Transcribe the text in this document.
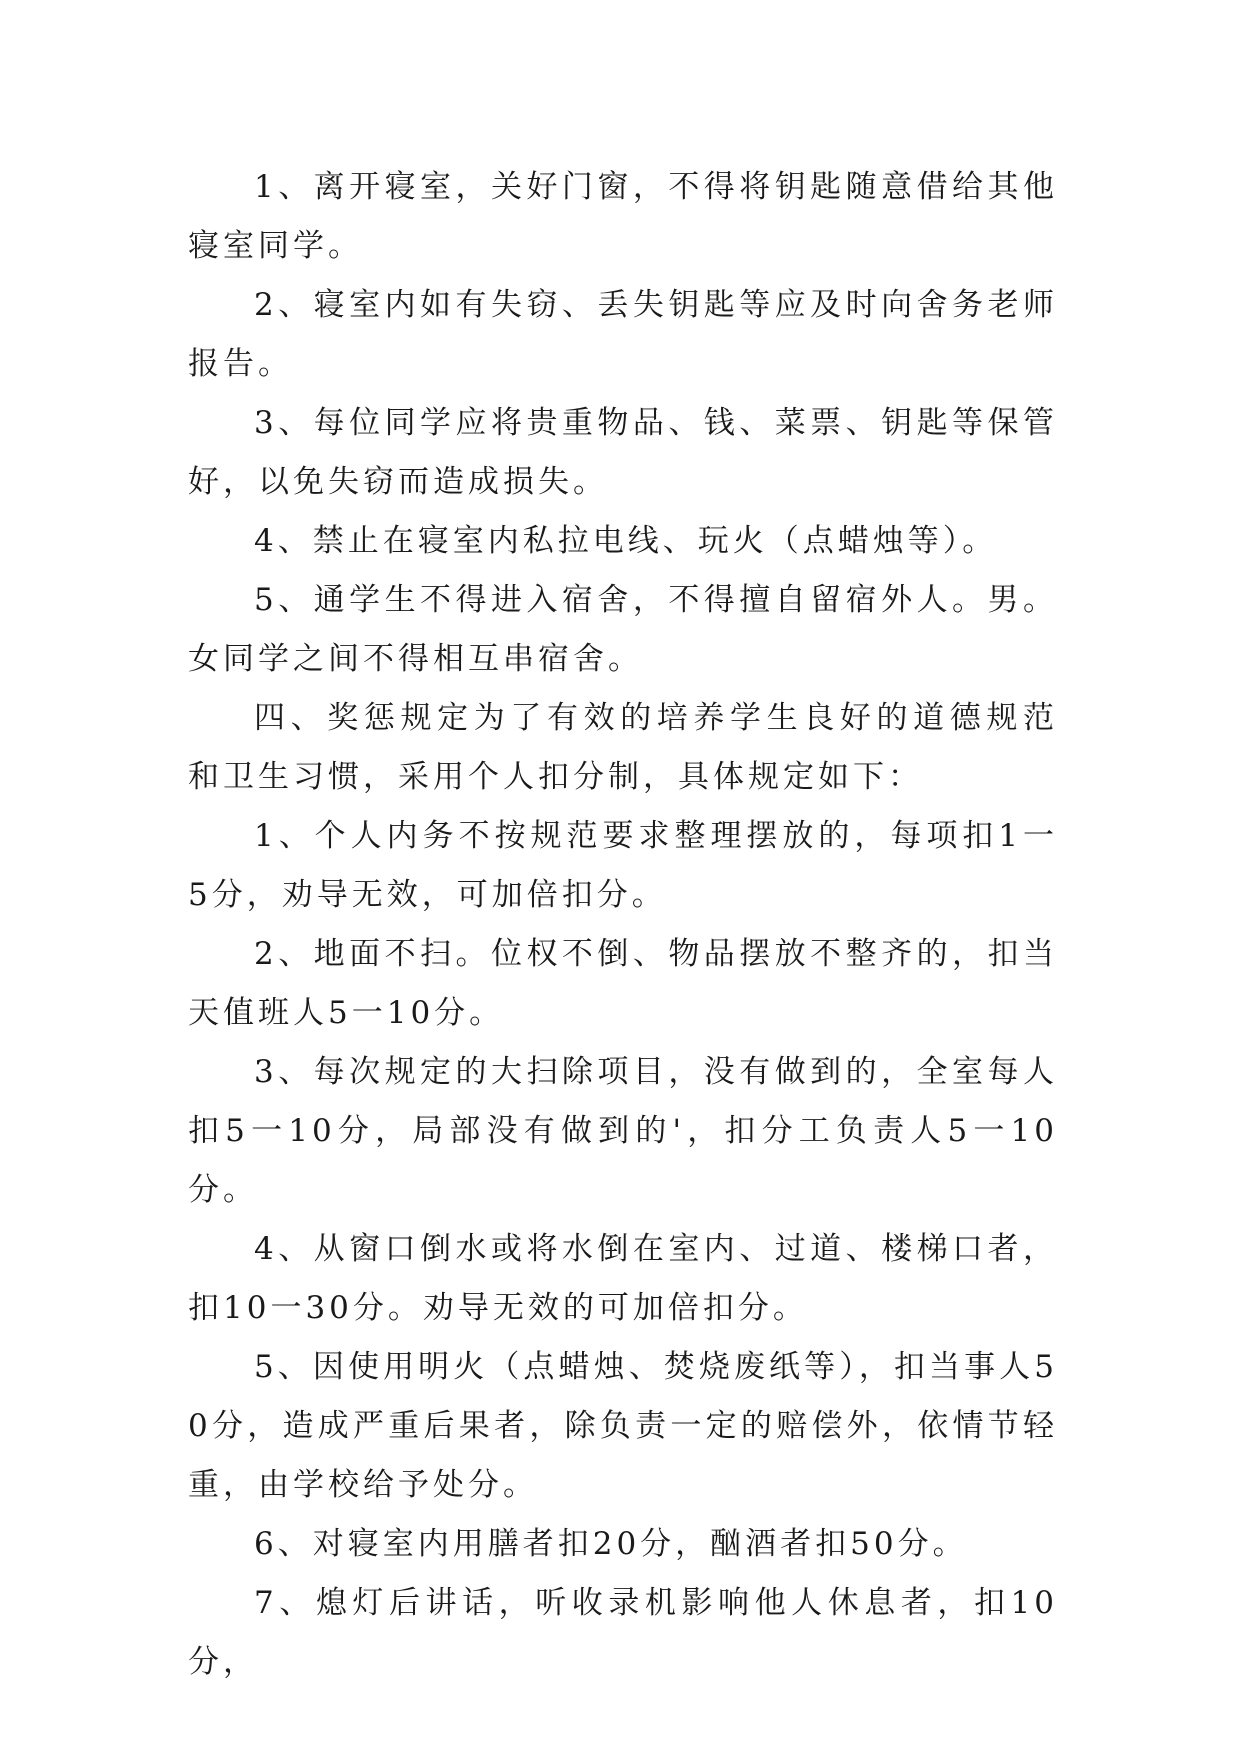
1、离开寝室，关好门窗，不得将钥匙随意借给其他寝室同学。

2、寝室内如有失窃、丢失钥匙等应及时向舍务老师报告。

3、每位同学应将贵重物品、钱、菜票、钥匙等保管好，以免失窃而造成损失。

4、禁止在寝室内私拉电线、玩火（点蜡烛等）。

5、通学生不得进入宿舍，不得擅自留宿外人。男。女同学之间不得相互串宿舍。

四、奖惩规定为了有效的培养学生良好的道德规范和卫生习惯，采用个人扣分制，具体规定如下：

1、个人内务不按规范要求整理摆放的，每项扣1一5分，劝导无效，可加倍扣分。

2、地面不扫。位权不倒、物品摆放不整齐的，扣当天值班人5一10分。

3、每次规定的大扫除项目，没有做到的，全室每人扣5一10分，局部没有做到的'，扣分工负责人5一10分。

4、从窗口倒水或将水倒在室内、过道、楼梯口者，扣10一30分。劝导无效的可加倍扣分。

5、因使用明火（点蜡烛、焚烧废纸等），扣当事人50分，造成严重后果者，除负责一定的赔偿外，依情节轻重，由学校给予处分。

6、对寝室内用膳者扣20分，酗酒者扣50分。

7、熄灯后讲话，听收录机影响他人休息者，扣10分，
